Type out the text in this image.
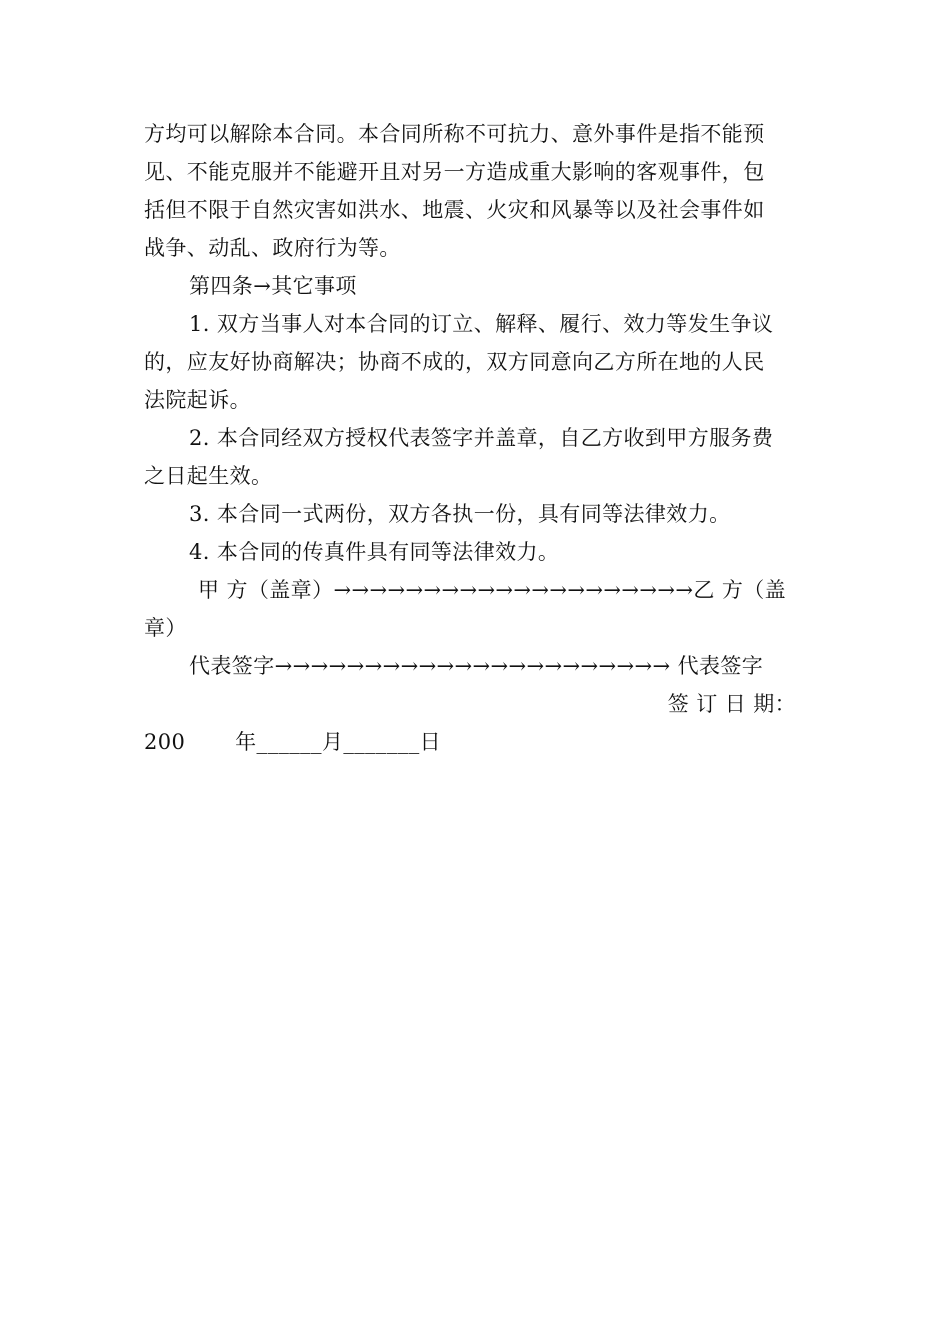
方均可以解除本合同。本合同所称不可抗力、意外事件是指不能预
见、不能克服并不能避开且对另一方造成重大影响的客观事件，包
括但不限于自然灾害如洪水、地震、火灾和风暴等以及社会事件如
战争、动乱、政府行为等。
第四条→其它事项
1. 双方当事人对本合同的订立、解释、履行、效力等发生争议
的，应友好协商解决；协商不成的，双方同意向乙方所在地的人民
法院起诉。
2. 本合同经双方授权代表签字并盖章，自乙方收到甲方服务费
之日起生效。
3. 本合同一式两份，双方各执一份，具有同等法律效力。
4. 本合同的传真件具有同等法律效力。
甲 方（盖章）→→→→→→→→→→→→→→→→→→→→乙 方（盖
章）
代表签字→→→→→→→→→→→→→→→→→→→→→→ 代表签字
签 订 日 期：
200　　 年______月_______日
